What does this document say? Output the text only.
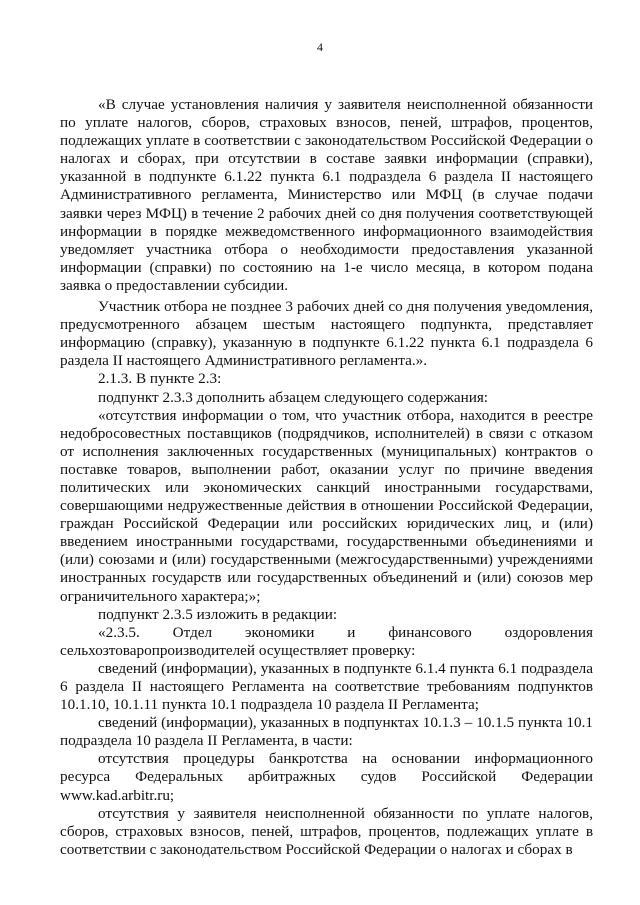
4

«В случае установления наличия у заявителя неисполненной обязанности по уплате налогов, сборов, страховых взносов, пеней, штрафов, процентов, подлежащих уплате в соответствии с законодательством Российской Федерации о налогах и сборах, при отсутствии в составе заявки информации (справки), указанной в подпункте 6.1.22 пункта 6.1 подраздела 6 раздела II настоящего Административного регламента, Министерство или МФЦ (в случае подачи заявки через МФЦ) в течение 2 рабочих дней со дня получения соответствующей информации в порядке межведомственного информационного взаимодействия уведомляет участника отбора о необходимости предоставления указанной информации (справки) по состоянию на 1-е число месяца, в котором подана заявка о предоставлении субсидии.

Участник отбора не позднее 3 рабочих дней со дня получения уведомления, предусмотренного абзацем шестым настоящего подпункта, представляет информацию (справку), указанную в подпункте 6.1.22 пункта 6.1 подраздела 6 раздела II настоящего Административного регламента.».

2.1.3. В пункте 2.3:

подпункт 2.3.3 дополнить абзацем следующего содержания:

«отсутствия информации о том, что участник отбора, находится в реестре недобросовестных поставщиков (подрядчиков, исполнителей) в связи с отказом от исполнения заключенных государственных (муниципальных) контрактов о поставке товаров, выполнении работ, оказании услуг по причине введения политических или экономических санкций иностранными государствами, совершающими недружественные действия в отношении Российской Федерации, граждан Российской Федерации или российских юридических лиц, и (или) введением иностранными государствами, государственными объединениями и (или) союзами и (или) государственными (межгосударственными) учреждениями иностранных государств или государственных объединений и (или) союзов мер ограничительного характера;»;

подпункт 2.3.5 изложить в редакции:

«2.3.5. Отдел экономики и финансового оздоровления сельхозтоваропроизводителей осуществляет проверку:

сведений (информации), указанных в подпункте 6.1.4 пункта 6.1 подраздела 6 раздела II настоящего Регламента на соответствие требованиям подпунктов 10.1.10, 10.1.11 пункта 10.1 подраздела 10 раздела II Регламента;

сведений (информации), указанных в подпунктах 10.1.3 – 10.1.5 пункта 10.1 подраздела 10 раздела II Регламента, в части:

отсутствия процедуры банкротства на основании информационного ресурса Федеральных арбитражных судов Российской Федерации www.kad.arbitr.ru;

отсутствия у заявителя неисполненной обязанности по уплате налогов, сборов, страховых взносов, пеней, штрафов, процентов, подлежащих уплате в соответствии с законодательством Российской Федерации о налогах и сборах в
